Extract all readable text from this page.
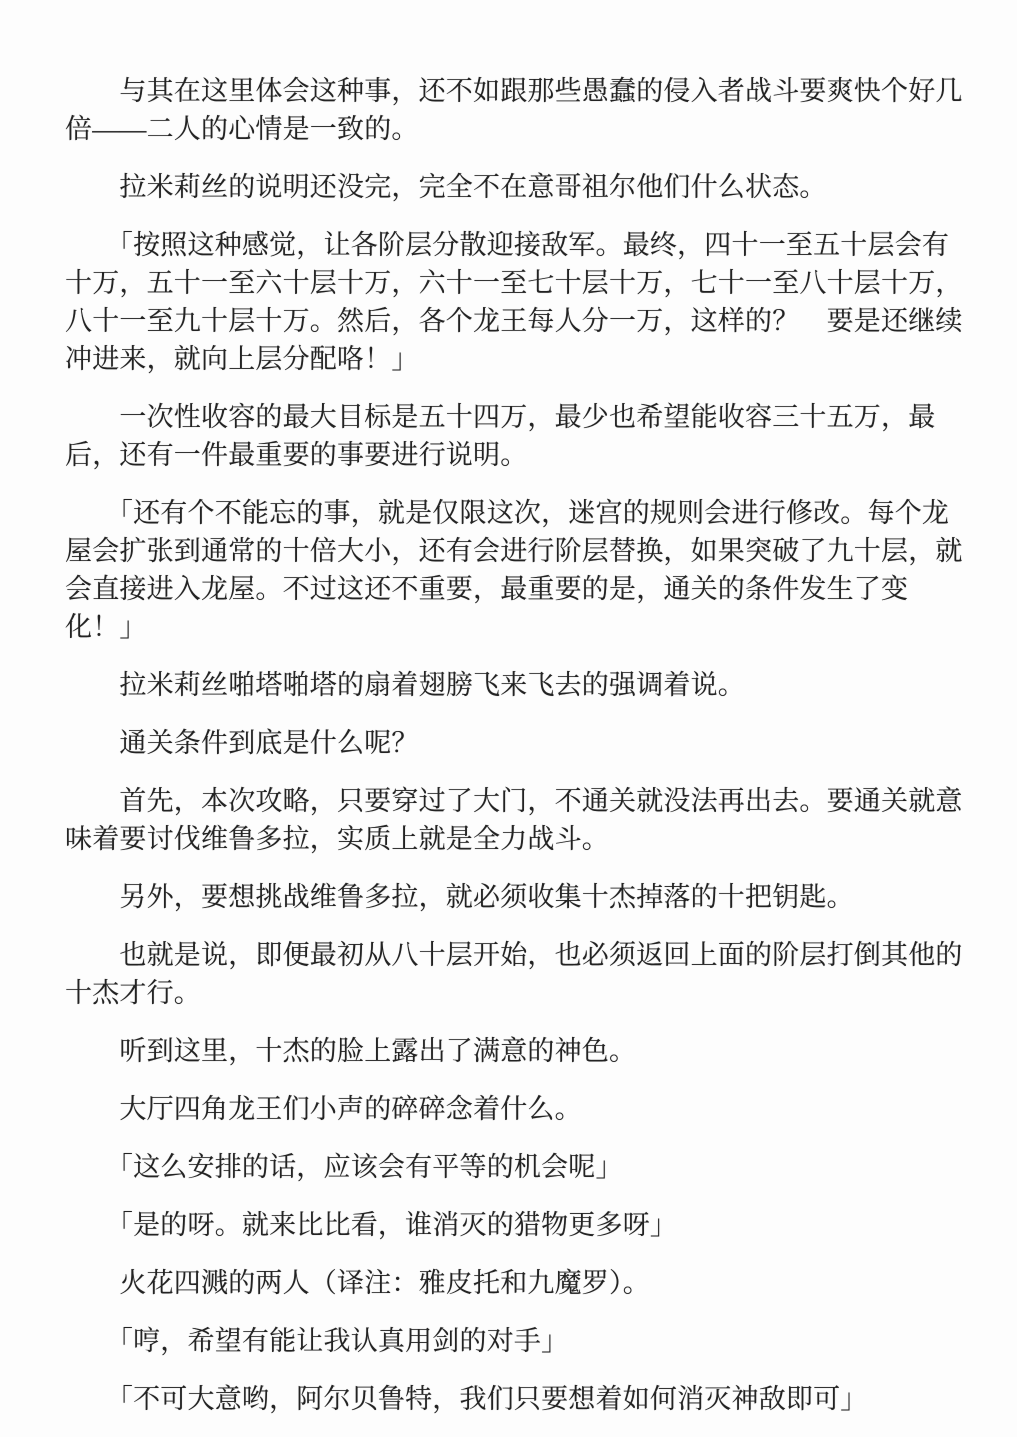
　　与其在这里体会这种事，还不如跟那些愚蠢的侵入者战斗要爽快个好几
倍——二人的心情是一致的。

　　拉米莉丝的说明还没完，完全不在意哥祖尔他们什么状态。

　　「按照这种感觉，让各阶层分散迎接敌军。最终，四十一至五十层会有
十万，五十一至六十层十万，六十一至七十层十万，七十一至八十层十万，
八十一至九十层十万。然后，各个龙王每人分一万，这样的？　要是还继续
冲进来，就向上层分配咯！」

　　一次性收容的最大目标是五十四万，最少也希望能收容三十五万，最
后，还有一件最重要的事要进行说明。

　　「还有个不能忘的事，就是仅限这次，迷宫的规则会进行修改。每个龙
屋会扩张到通常的十倍大小，还有会进行阶层替换，如果突破了九十层，就
会直接进入龙屋。不过这还不重要，最重要的是，通关的条件发生了变
化！」

　　拉米莉丝啪塔啪塔的扇着翅膀飞来飞去的强调着说。

　　通关条件到底是什么呢？

　　首先，本次攻略，只要穿过了大门，不通关就没法再出去。要通关就意
味着要讨伐维鲁多拉，实质上就是全力战斗。

　　另外，要想挑战维鲁多拉，就必须收集十杰掉落的十把钥匙。

　　也就是说，即便最初从八十层开始，也必须返回上面的阶层打倒其他的
十杰才行。

　　听到这里，十杰的脸上露出了满意的神色。

　　大厅四角龙王们小声的碎碎念着什么。

　　「这么安排的话，应该会有平等的机会呢」

　　「是的呀。就来比比看，谁消灭的猎物更多呀」

　　火花四溅的两人（译注：雅皮托和九魔罗）。

　　「哼，希望有能让我认真用剑的对手」

　　「不可大意哟，阿尔贝鲁特，我们只要想着如何消灭神敌即可」
